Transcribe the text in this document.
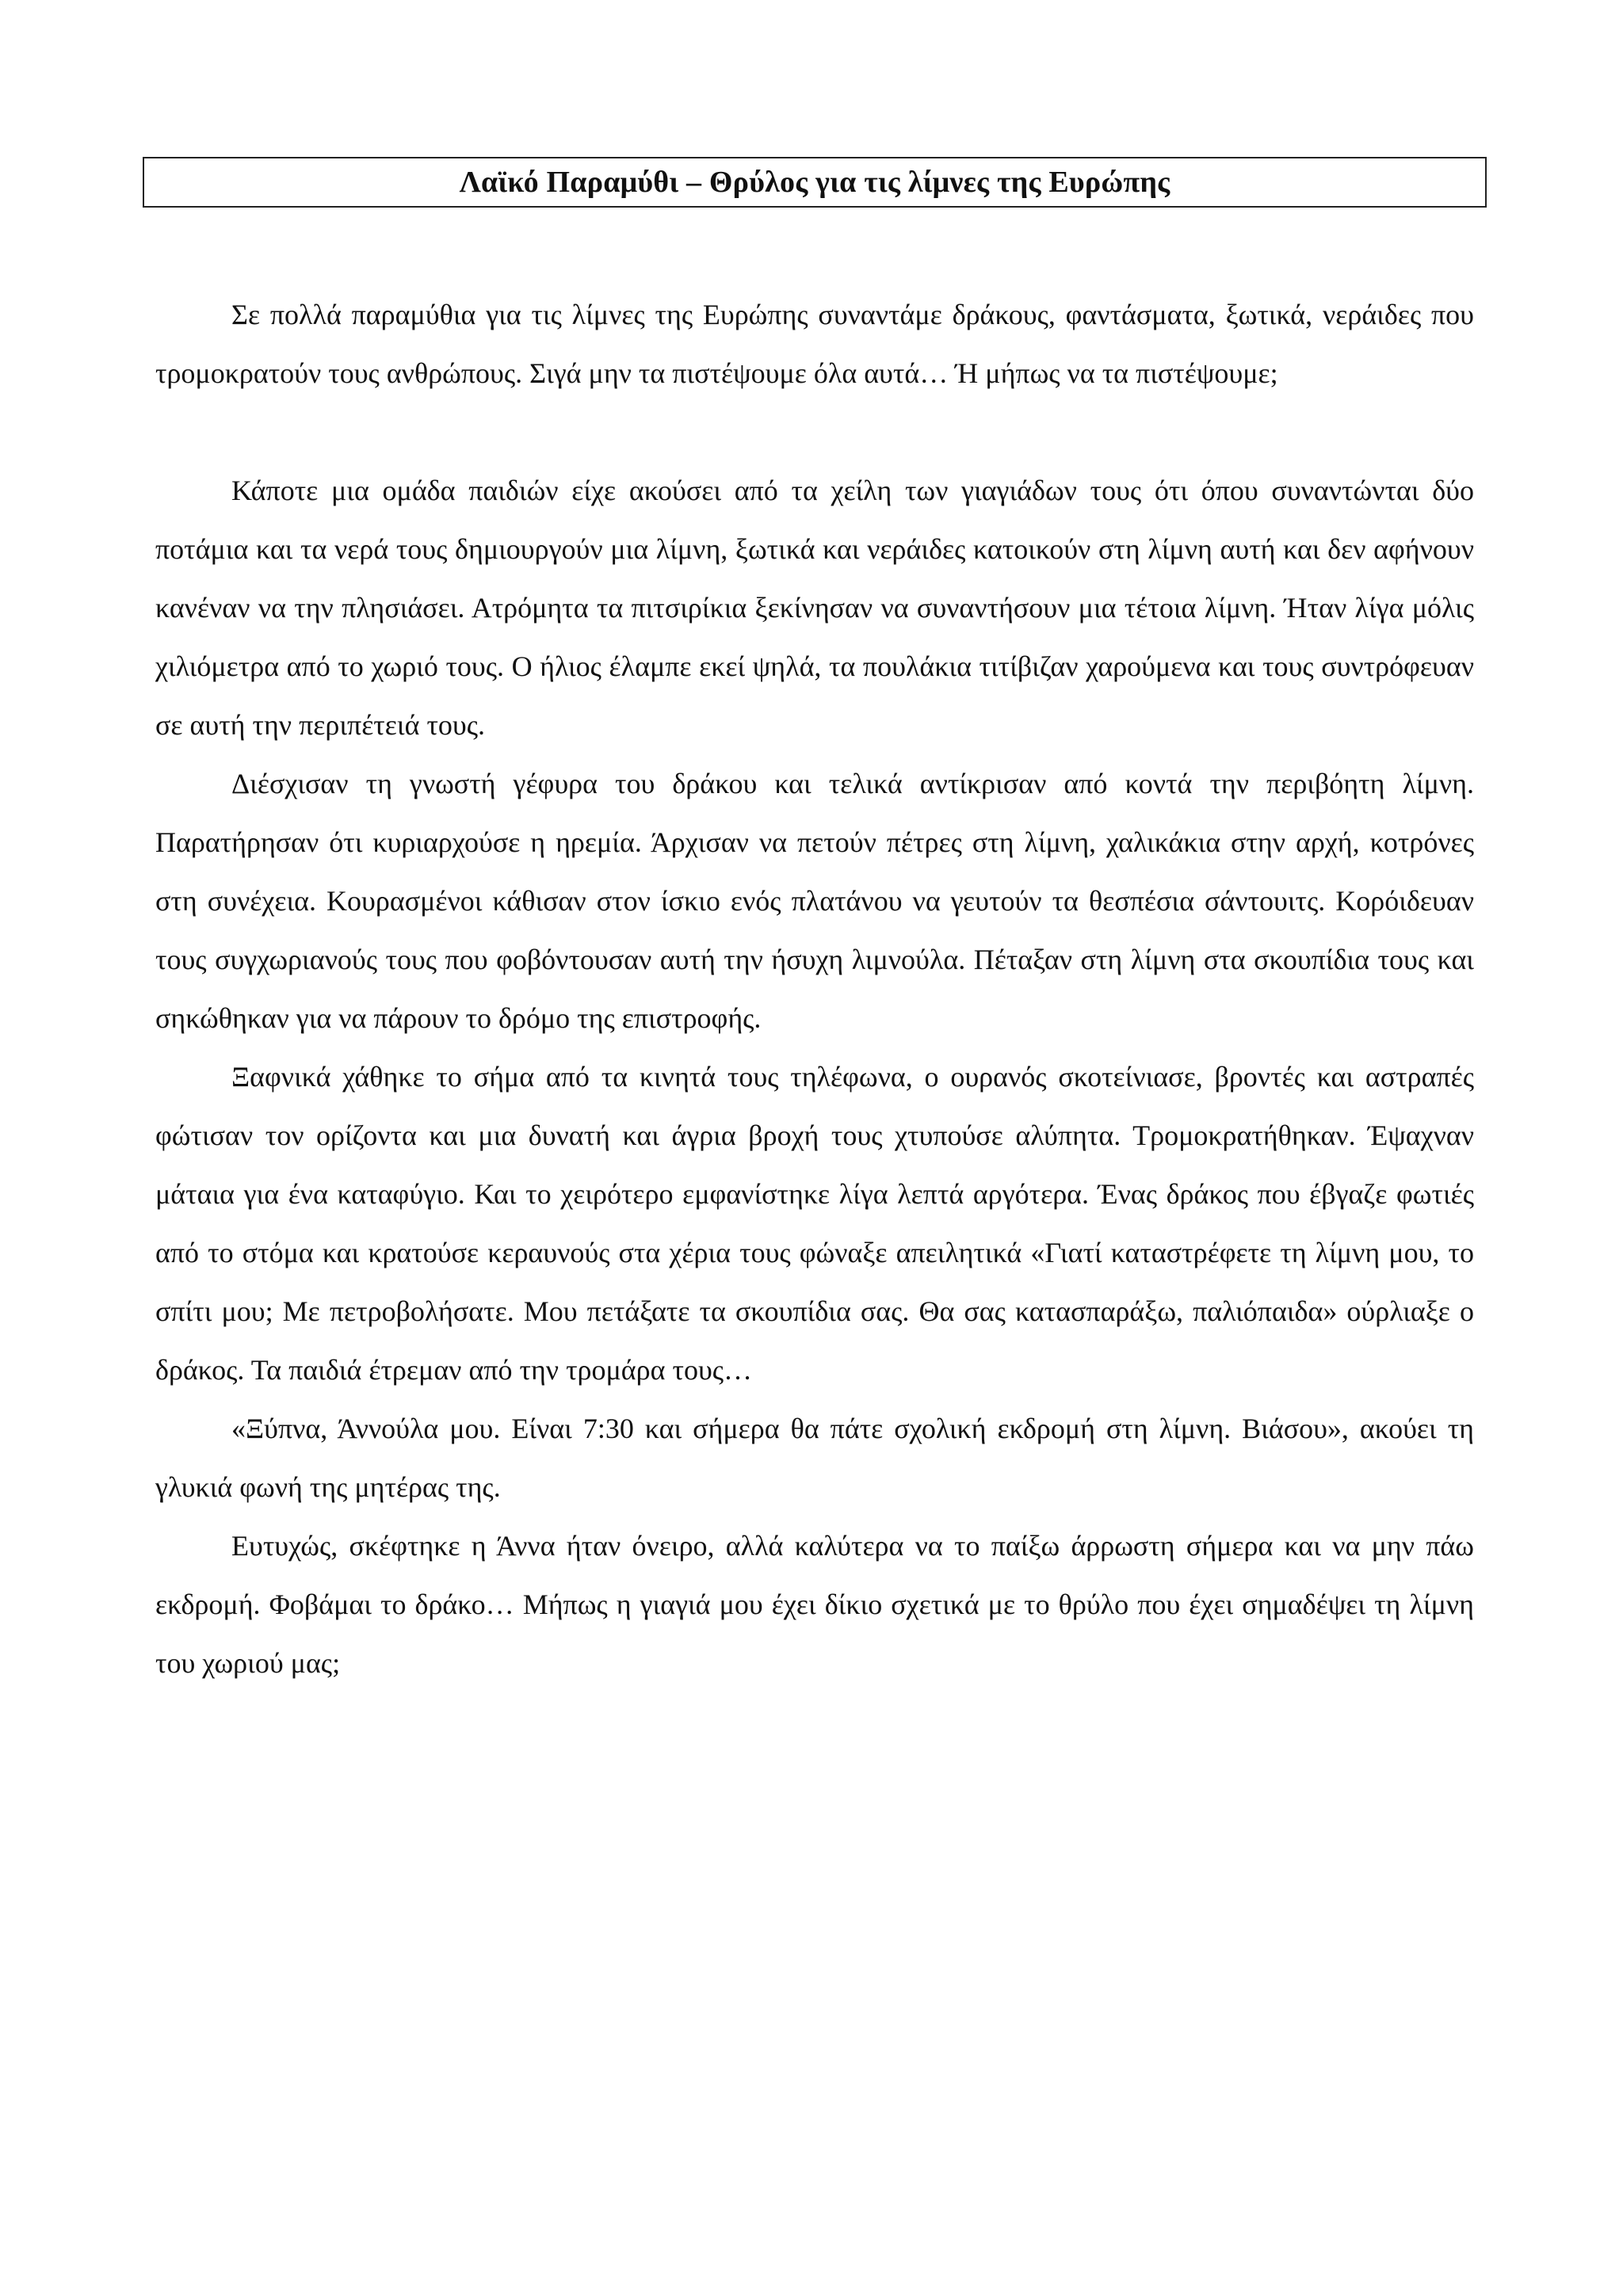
Λαϊκό Παραμύθι – Θρύλος για τις λίμνες της Ευρώπης

Σε πολλά παραμύθια για τις λίμνες της Ευρώπης συναντάμε δράκους, φαντάσματα, ξωτικά, νεράιδες που τρομοκρατούν τους ανθρώπους. Σιγά μην τα πιστέψουμε όλα αυτά… Ή μήπως να τα πιστέψουμε;

Κάποτε μια ομάδα παιδιών είχε ακούσει από τα χείλη των γιαγιάδων τους ότι όπου συναντώνται δύο ποτάμια και τα νερά τους δημιουργούν μια λίμνη, ξωτικά και νεράιδες κατοικούν στη λίμνη αυτή και δεν αφήνουν κανέναν να την πλησιάσει. Ατρόμητα τα πιτσιρίκια ξεκίνησαν να συναντήσουν μια τέτοια λίμνη. Ήταν λίγα μόλις χιλιόμετρα από το χωριό τους. Ο ήλιος έλαμπε εκεί ψηλά, τα πουλάκια τιτίβιζαν χαρούμενα και τους συντρόφευαν σε αυτή την περιπέτειά τους.

Διέσχισαν τη γνωστή γέφυρα του δράκου και τελικά αντίκρισαν από κοντά την περιβόητη λίμνη. Παρατήρησαν ότι κυριαρχούσε η ηρεμία. Άρχισαν να πετούν πέτρες στη λίμνη, χαλικάκια στην αρχή, κοτρόνες στη συνέχεια. Κουρασμένοι κάθισαν στον ίσκιο ενός πλατάνου να γευτούν τα θεσπέσια σάντουιτς. Κορόιδευαν τους συγχωριανούς τους που φοβόντουσαν αυτή την ήσυχη λιμνούλα. Πέταξαν στη λίμνη στα σκουπίδια τους και σηκώθηκαν για να πάρουν το δρόμο της επιστροφής.

Ξαφνικά χάθηκε το σήμα από τα κινητά τους τηλέφωνα, ο ουρανός σκοτείνιασε, βροντές και αστραπές φώτισαν τον ορίζοντα και μια δυνατή και άγρια βροχή τους χτυπούσε αλύπητα. Τρομοκρατήθηκαν. Έψαχναν μάταια για ένα καταφύγιο. Και το χειρότερο εμφανίστηκε λίγα λεπτά αργότερα. Ένας δράκος που έβγαζε φωτιές από το στόμα και κρατούσε κεραυνούς στα χέρια τους φώναξε απειλητικά «Γιατί καταστρέφετε τη λίμνη μου, το σπίτι μου; Με πετροβολήσατε. Μου πετάξατε τα σκουπίδια σας. Θα σας κατασπαράξω, παλιόπαιδα» ούρλιαξε ο δράκος. Τα παιδιά έτρεμαν από την τρομάρα τους…

«Ξύπνα, Άννούλα μου. Είναι 7:30 και σήμερα θα πάτε σχολική εκδρομή στη λίμνη. Βιάσου», ακούει τη γλυκιά φωνή της μητέρας της.

Ευτυχώς, σκέφτηκε η Άννα ήταν όνειρο, αλλά καλύτερα να το παίξω άρρωστη σήμερα και να μην πάω εκδρομή. Φοβάμαι το δράκο… Μήπως η γιαγιά μου έχει δίκιο σχετικά με το θρύλο που έχει σημαδέψει τη λίμνη του χωριού μας;
